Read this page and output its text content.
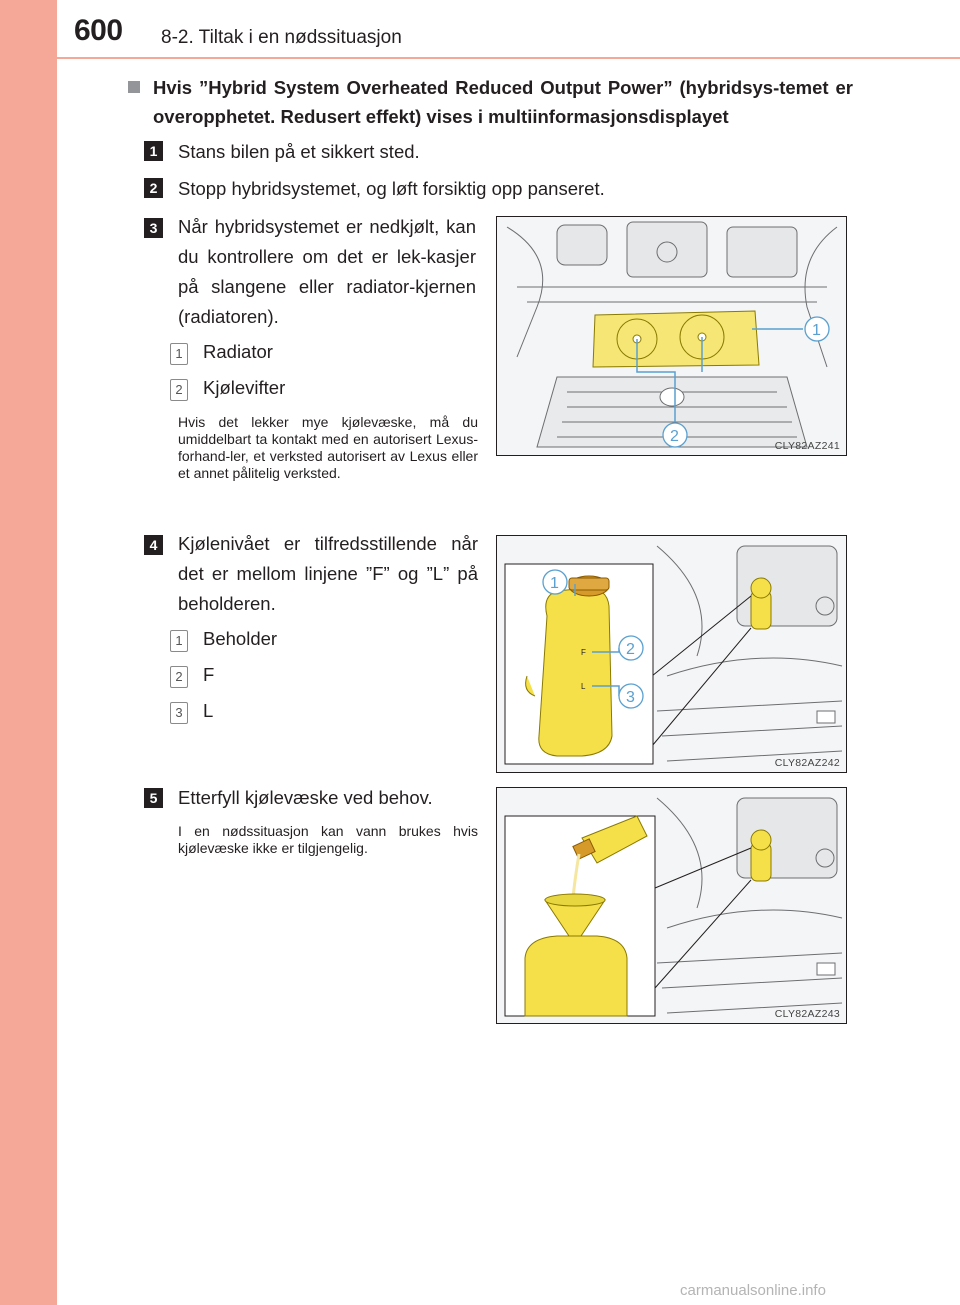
600 8-2. Tiltak i en nødssituasjon
Hvis ”Hybrid System Overheated Reduced Output Power” (hybridsys-temet er overopphetet. Redusert effekt) vises i multiinformasjonsdisplayet
1	Stans bilen på et sikkert sted.
2	Stopp hybridsystemet, og løft forsiktig opp panseret.
3	Når hybridsystemet er nedkjølt, kan du kontrollere om det er lek-kasjer på slangene eller radiator-kjernen (radiatoren).
1 Radiator
2 Kjølevifter
Hvis det lekker mye kjølevæske, må du umiddelbart ta kontakt med en autorisert Lexus-forhand-ler, et verksted autorisert av Lexus eller et annet pålitelig verksted.
1
2
CLY82AZ241
4	Kjølenivået er tilfredsstillende når det er mellom linjene ”F” og ”L” på beholderen.
1 Beholder
2 F
3 L
F
L
1
2
3
CLY82AZ242
5	Etterfyll kjølevæske ved behov.
I en nødssituasjon kan vann brukes hvis kjølevæske ikke er tilgjengelig.
CLY82AZ243
carmanualsonline.info
